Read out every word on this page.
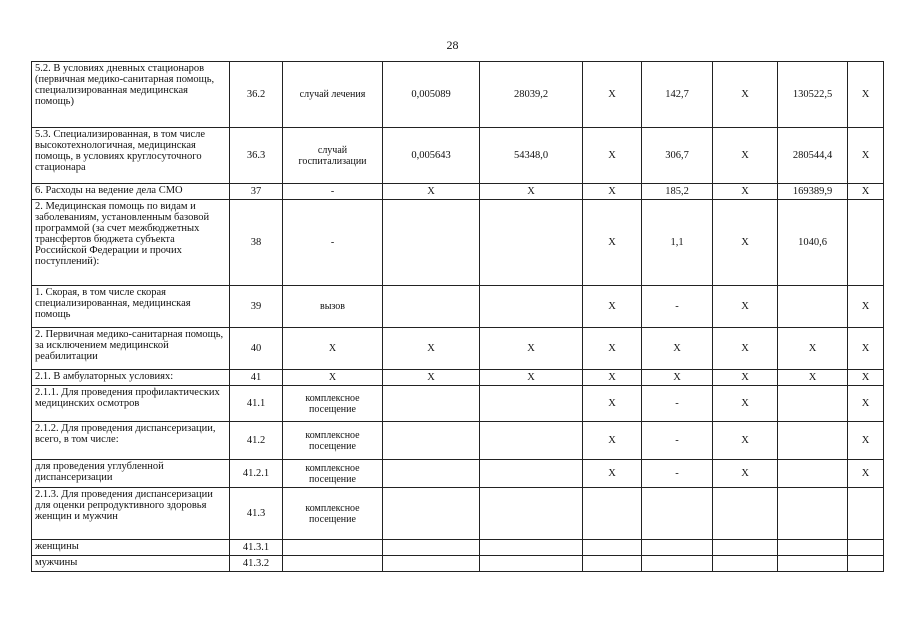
28
5.2. В условиях дневных стационаров (первичная медико-санитарная помощь, специализированная медицинская помощь)	36.2	случай лечения	0,005089	28039,2	X	142,7	X	130522,5	X
5.3. Специализированная, в том числе высокотехнологичная, медицинская помощь, в условиях круглосуточного стационара	36.3	случай госпитализации	0,005643	54348,0	X	306,7	X	280544,4	X
6. Расходы на ведение дела СМО	37	-	X	X	X	185,2	X	169389,9	X
2. Медицинская помощь по видам и заболеваниям, установленным базовой программой (за счет межбюджетных трансфертов бюджета субъекта Российской Федерации и прочих поступлений):	38	-			X	1,1	X	1040,6	
1. Скорая, в том числе скорая специализированная, медицинская помощь	39	вызов			X	-	X		X
2. Первичная медико-санитарная помощь, за исключением медицинской реабилитации	40	X	X	X	X	X	X	X	X
2.1. В амбулаторных условиях:	41	X	X	X	X	X	X	X	X
2.1.1. Для проведения профилактических медицинских осмотров	41.1	комплексное посещение			X	-	X		X
2.1.2. Для проведения диспансеризации, всего, в том числе:	41.2	комплексное посещение			X	-	X		X
для проведения углубленной диспансеризации	41.2.1	комплексное посещение			X	-	X		X
2.1.3. Для проведения диспансеризации для оценки репродуктивного здоровья женщин и мужчин	41.3	комплексное посещение							
женщины	41.3.1								
мужчины	41.3.2								
